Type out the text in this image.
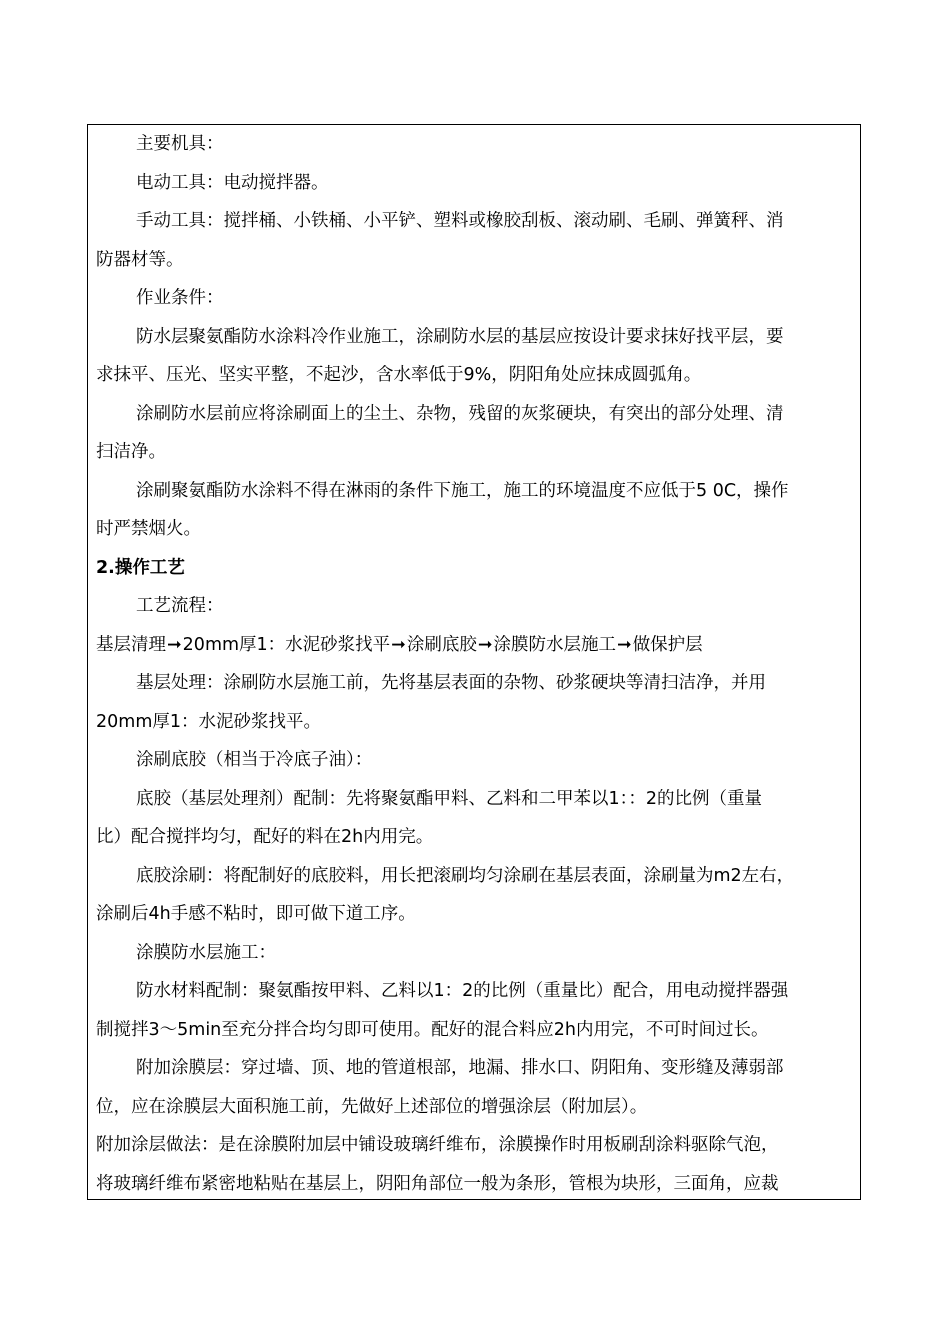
主要机具：
电动工具：电动搅拌器。
手动工具：搅拌桶、小铁桶、小平铲、塑料或橡胶刮板、滚动刷、毛刷、弹簧秤、消
防器材等。
作业条件：
防水层聚氨酯防水涂料冷作业施工，涂刷防水层的基层应按设计要求抹好找平层，要
求抹平、压光、坚实平整，不起沙，含水率低于9%，阴阳角处应抹成圆弧角。
涂刷防水层前应将涂刷面上的尘土、杂物，残留的灰浆硬块，有突出的部分处理、清
扫洁净。
涂刷聚氨酯防水涂料不得在淋雨的条件下施工，施工的环境温度不应低于5 0C，操作
时严禁烟火。
2.操作工艺
工艺流程：
基层清理➞20mm厚1：水泥砂浆找平➞涂刷底胶➞涂膜防水层施工➞做保护层
基层处理：涂刷防水层施工前，先将基层表面的杂物、砂浆硬块等清扫洁净，并用
20mm厚1：水泥砂浆找平。
涂刷底胶（相当于冷底子油）：
底胶（基层处理剂）配制：先将聚氨酯甲料、乙料和二甲苯以1：：2的比例（重量
比）配合搅拌均匀，配好的料在2h内用完。
底胶涂刷：将配制好的底胶料，用长把滚刷均匀涂刷在基层表面，涂刷量为m2左右，
涂刷后4h手感不粘时，即可做下道工序。
涂膜防水层施工：
防水材料配制：聚氨酯按甲料、乙料以1：2的比例（重量比）配合，用电动搅拌器强
制搅拌3～5min至充分拌合均匀即可使用。配好的混合料应2h内用完，不可时间过长。
附加涂膜层：穿过墙、顶、地的管道根部，地漏、排水口、阴阳角、变形缝及薄弱部
位，应在涂膜层大面积施工前，先做好上述部位的增强涂层（附加层）。
附加涂层做法：是在涂膜附加层中铺设玻璃纤维布，涂膜操作时用板刷刮涂料驱除气泡，
将玻璃纤维布紧密地粘贴在基层上，阴阳角部位一般为条形，管根为块形，三面角，应裁
